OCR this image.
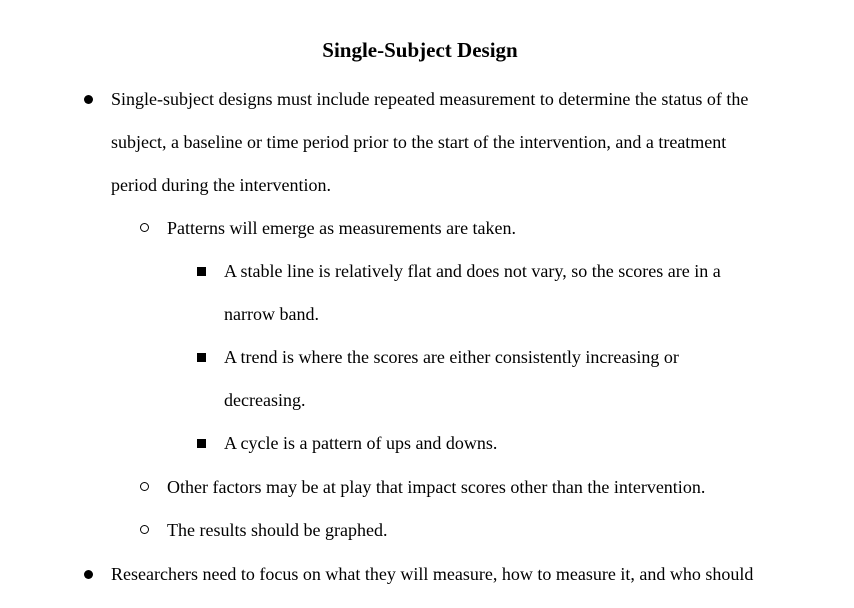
Single-Subject Design
Single-subject designs must include repeated measurement to determine the status of the
subject, a baseline or time period prior to the start of the intervention, and a treatment
period during the intervention.
Patterns will emerge as measurements are taken.
A stable line is relatively flat and does not vary, so the scores are in a
narrow band.
A trend is where the scores are either consistently increasing or
decreasing.
A cycle is a pattern of ups and downs.
Other factors may be at play that impact scores other than the intervention.
The results should be graphed.
Researchers need to focus on what they will measure, how to measure it, and who should
